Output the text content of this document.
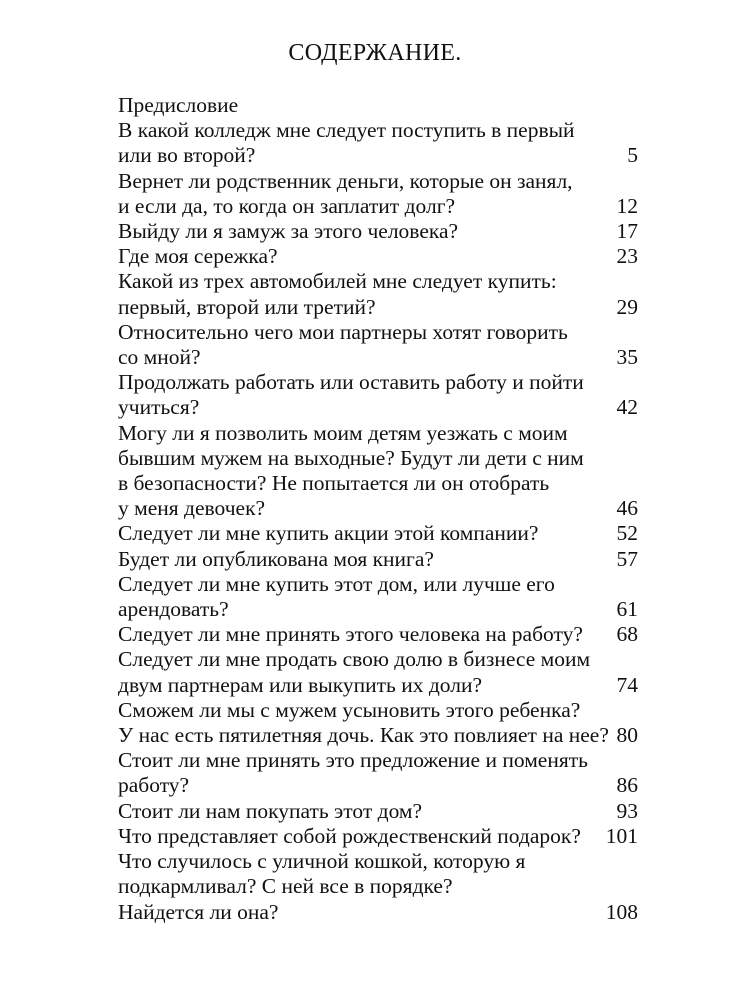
СОДЕРЖАНИЕ.
Предисловие
В какой колледж мне следует поступить в первый
или во второй?	5
Вернет ли родственник деньги, которые он занял,
и если да, то когда он заплатит долг?	12
Выйду ли я замуж за этого человека?	17
Где моя сережка?	23
Какой из трех автомобилей мне следует купить:
первый, второй или третий?	29
Относительно чего мои партнеры хотят говорить
со мной?	35
Продолжать работать или оставить работу и пойти
учиться?	42
Могу ли я позволить моим детям уезжать с моим
бывшим мужем на выходные? Будут ли дети с ним
в безопасности? Не попытается ли он отобрать
у меня девочек?	46
Следует ли мне купить акции этой компании?	52
Будет ли опубликована моя книга?	57
Следует ли мне купить этот дом, или лучше его
арендовать?	61
Следует ли мне принять этого человека на работу?	68
Следует ли мне продать свою долю в бизнесе моим
двум партнерам или выкупить их доли?	74
Сможем ли мы с мужем усыновить этого ребенка?
У нас есть пятилетняя дочь. Как это повлияет на нее? 80
Стоит ли мне принять это предложение и поменять
работу?	86
Стоит ли нам покупать этот дом?	93
Что представляет собой рождественский подарок?	101
Что случилось с уличной кошкой, которую я
подкармливал? С ней все в порядке?
Найдется ли она?	108
